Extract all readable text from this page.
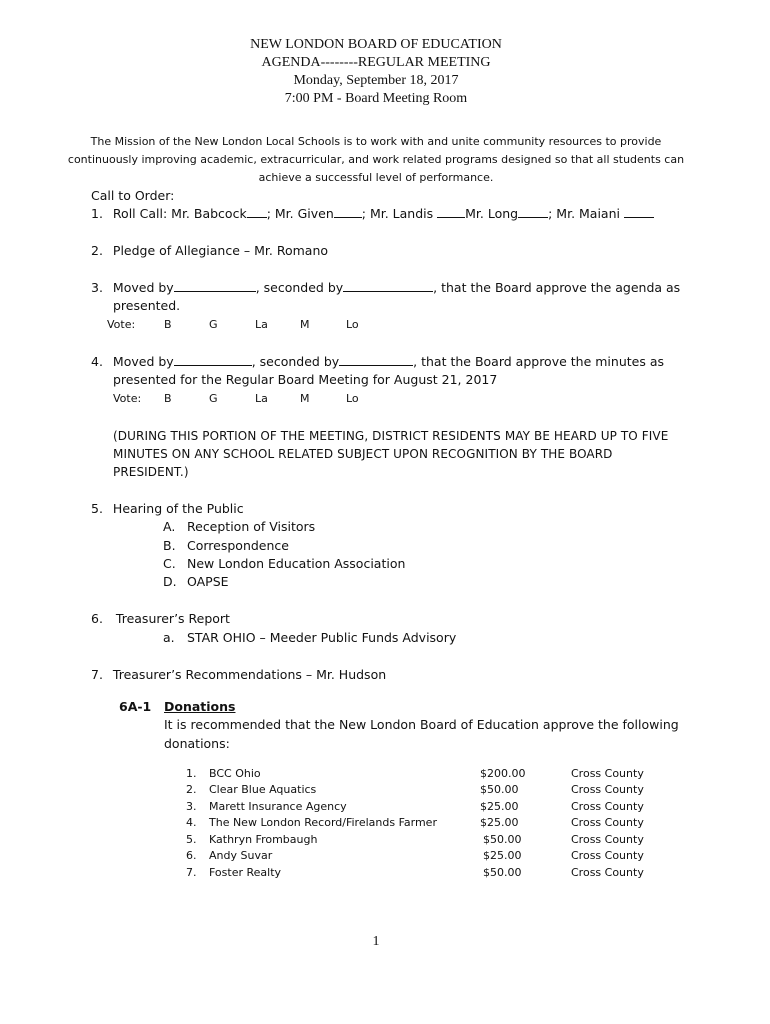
NEW LONDON BOARD OF EDUCATION
AGENDA--------REGULAR MEETING
Monday, September 18, 2017
7:00 PM - Board Meeting Room
The Mission of the New London Local Schools is to work with and unite community resources to provide continuously improving academic, extracurricular, and work related programs designed so that all students can achieve a successful level of performance.
Call to Order:
1. Roll Call: Mr. Babcock ; Mr. Given ; Mr. Landis Mr. Long ; Mr. Maiani
2. Pledge of Allegiance – Mr. Romano
3. Moved by	, seconded by	, that the Board approve the agenda as
presented.
Vote:	B	G	La	M	Lo
4. Moved by	, seconded by	, that the Board approve the minutes as
presented for the Regular Board Meeting for August 21, 2017
Vote: B	G	La	M	Lo
(DURING THIS PORTION OF THE MEETING, DISTRICT RESIDENTS MAY BE HEARD UP TO FIVE
MINUTES ON ANY SCHOOL RELATED SUBJECT UPON RECOGNITION BY THE BOARD
PRESIDENT.)
5. Hearing of the Public
A. Reception of Visitors
B. Correspondence
C. New London Education Association
D. OAPSE
6. Treasurer’s Report
a. STAR OHIO – Meeder Public Funds Advisory
7. Treasurer’s Recommendations – Mr. Hudson
6A-1 Donations
It is recommended that the New London Board of Education approve the following
donations:
1. BCC Ohio	$200.00	Cross County
2. Clear Blue Aquatics	$50.00	Cross County
3. Marett Insurance Agency	$25.00	Cross County
4. The New London Record/Firelands Farmer	$25.00	Cross County
5. Kathryn Frombaugh	$50.00	Cross County
6. Andy Suvar	$25.00	Cross County
7. Foster Realty	$50.00	Cross County
1
